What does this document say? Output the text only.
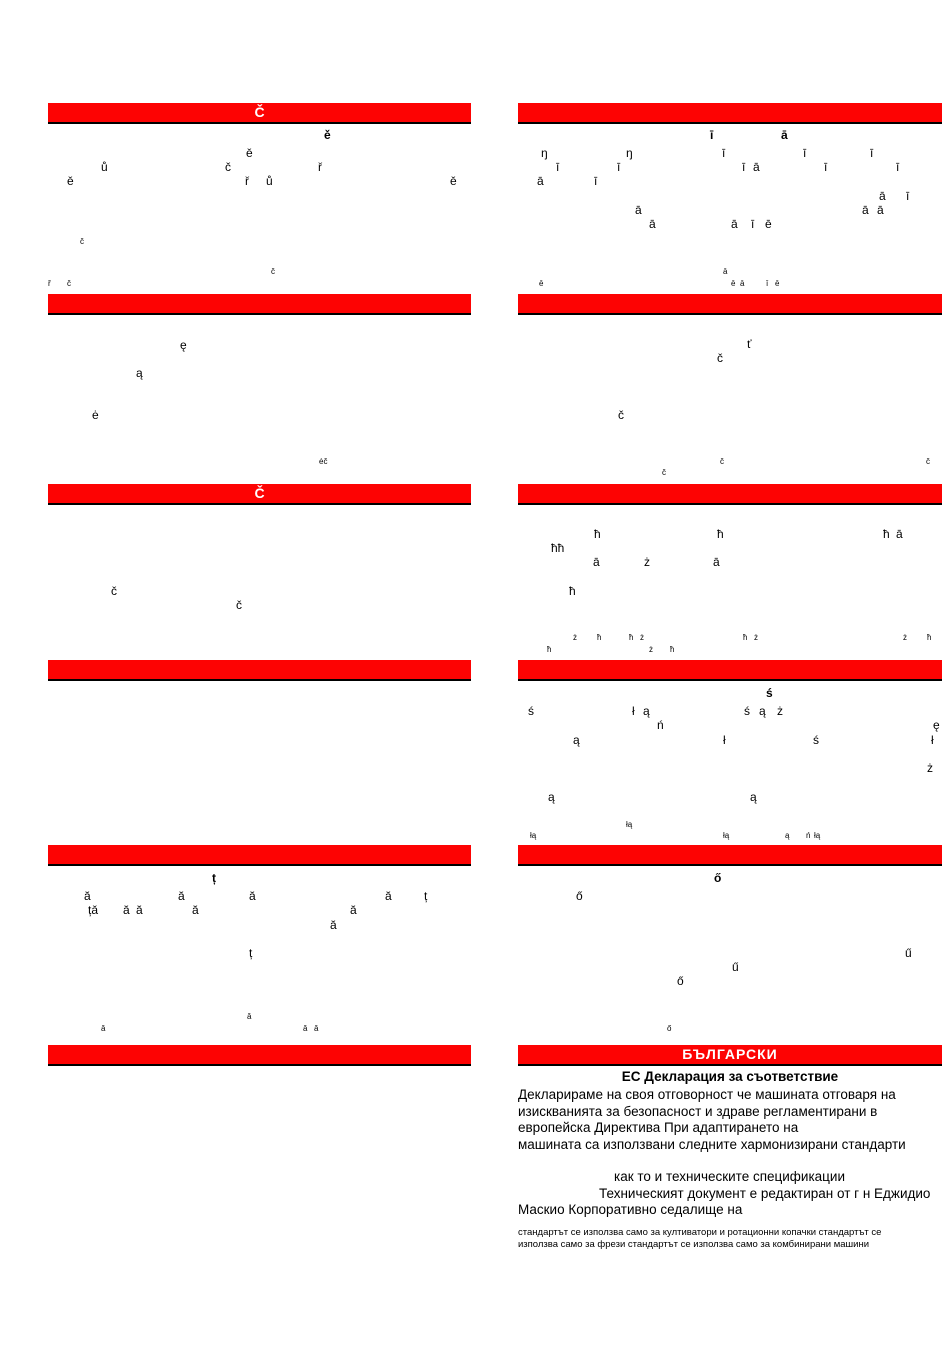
Č
ě
ě
ů	č	ř
ě	ř ů	ě
č
č
ř č
ę
ą
ė
ėč
Č
č
č
ț
ă	ă	ă	ă	ț
țǎ ă ă	ă	ă
ă
ț
ǎ
ǎ	ǎ ǎ
ī	ā
ŋ	ŋ	ī	ī	ī
ī	ī	ī	ī
ā	ī
ī
ā
ī
ā
ā	ā ā
ā	ā ī ē
ā
ē	ē ā	ī ē
ť
č
č
č	č
č
ħ	ħ	ħ ā
ħħ
ā	ż	ā
ħ
ż	ħ	ħ ż	ħ ż	ż	ħ
ħ	ż ħ
ś
ś	ł ą	ś ą ż
ń	ę
ą	ł	ś	ł
ż
ą	ą
łą
łą	łą	ą ń łą
ő
ő
ű
ű
ő
ő
БЪЛГАРСКИ
ЕС Декларация за съответствие
Декларираме на своя отговорност че машината отговаря на
изискванията за безопасност и здраве регламентирани в
европейска Директива При адаптирането на
машината са използвани следните хармонизирани стандарти
как то и техническите спецификации
Техническият документ е редактиран от г н Еджидио
Маскио Корпоративно седалище на
стандартът се използва само за култиватори и ротационни копачки стандартът се
използва само за фрези стандартът се използва само за комбинирани машини
